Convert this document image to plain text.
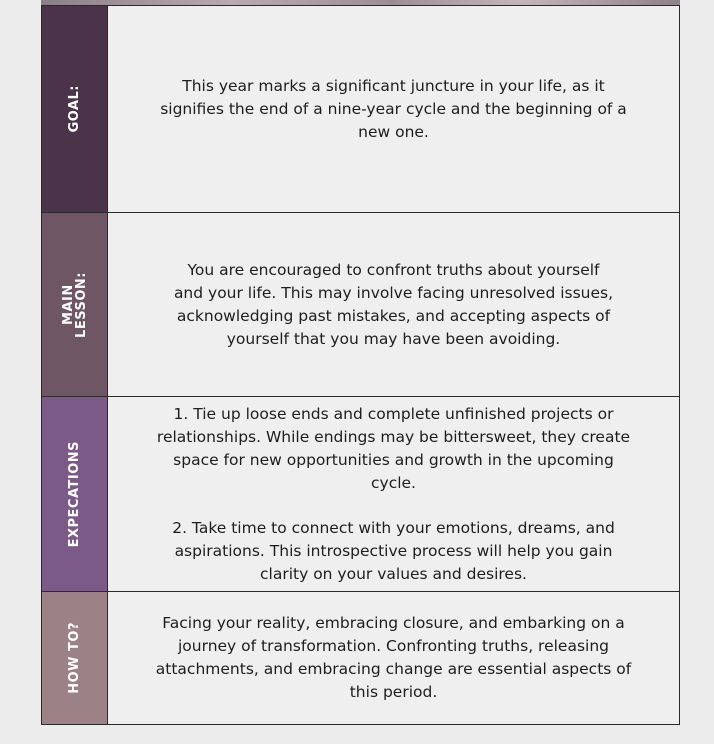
GOAL:	This year marks a significant juncture in your life, as it signifies the end of a nine-year cycle and the beginning of a new one.

MAIN
LESSON:

You are encouraged to confront truths about yourself and your life. This may involve facing unresolved issues, acknowledging past mistakes, and accepting aspects of yourself that you may have been avoiding.

EXPECATIONS

1. Tie up loose ends and complete unfinished projects or relationships. While endings may be bittersweet, they create space for new opportunities and growth in the upcoming cycle.

2. Take time to connect with your emotions, dreams, and aspirations. This introspective process will help you gain clarity on your values and desires.

HOW TO?	Facing your reality, embracing closure, and embarking on a journey of transformation. Confronting truths, releasing attachments, and embracing change are essential aspects of this period.
